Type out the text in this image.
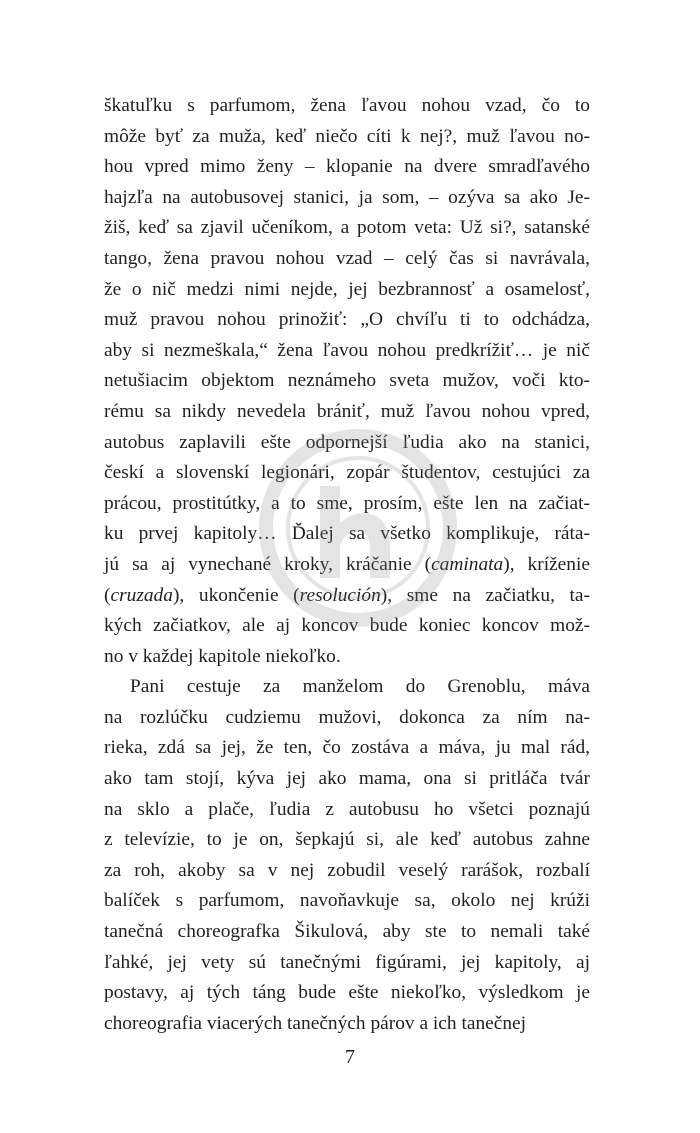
škatuľku s parfumom, žena ľavou nohou vzad, čo to
môže byť za muža, keď niečo cíti k nej?, muž ľavou no-
hou vpred mimo ženy – klopanie na dvere smradľavého
hajzľa na autobusovej stanici, ja som, – ozýva sa ako Je-
žiš, keď sa zjavil učeníkom, a potom veta: Už si?, satanské
tango, žena pravou nohou vzad – celý čas si navrávala,
že o nič medzi nimi nejde, jej bezbrannosť a osamelosť,
muž pravou nohou prinožiť: „O chvíľu ti to odchádza,
aby si nezmeškala,“ žena ľavou nohou predkrížiť… je nič
netušiacim objektom neznámeho sveta mužov, voči kto-
rému sa nikdy nevedela brániť, muž ľavou nohou vpred,
autobus zaplavili ešte odpornejší ľudia ako na stanici,
českí a slovenskí legionári, zopár študentov, cestujúci za
prácou, prostitútky, a to sme, prosím, ešte len na začiat-
ku prvej kapitoly… Ďalej sa všetko komplikuje, ráta-
jú sa aj vynechané kroky, kráčanie (caminata), kríženie
(cruzada), ukončenie (resolución), sme na začiatku, ta-
kých začiatkov, ale aj koncov bude koniec koncov mož-
no v každej kapitole niekoľko.
Pani cestuje za manželom do Grenoblu, máva
na rozlúčku cudziemu mužovi, dokonca za ním na-
rieka, zdá sa jej, že ten, čo zostáva a máva, ju mal rád,
ako tam stojí, kýva jej ako mama, ona si pritláča tvár
na sklo a plače, ľudia z autobusu ho všetci poznajú
z televízie, to je on, šepkajú si, ale keď autobus zahne
za roh, akoby sa v nej zobudil veselý rarášok, rozbalí
balíček s parfumom, navoňavkuje sa, okolo nej krúži
tanečná choreografka Šikulová, aby ste to nemali také
ľahké, jej vety sú tanečnými figúrami, jej kapitoly, aj
postavy, aj tých táng bude ešte niekoľko, výsledkom je
choreografia viacerých tanečných párov a ich tanečnej
7
